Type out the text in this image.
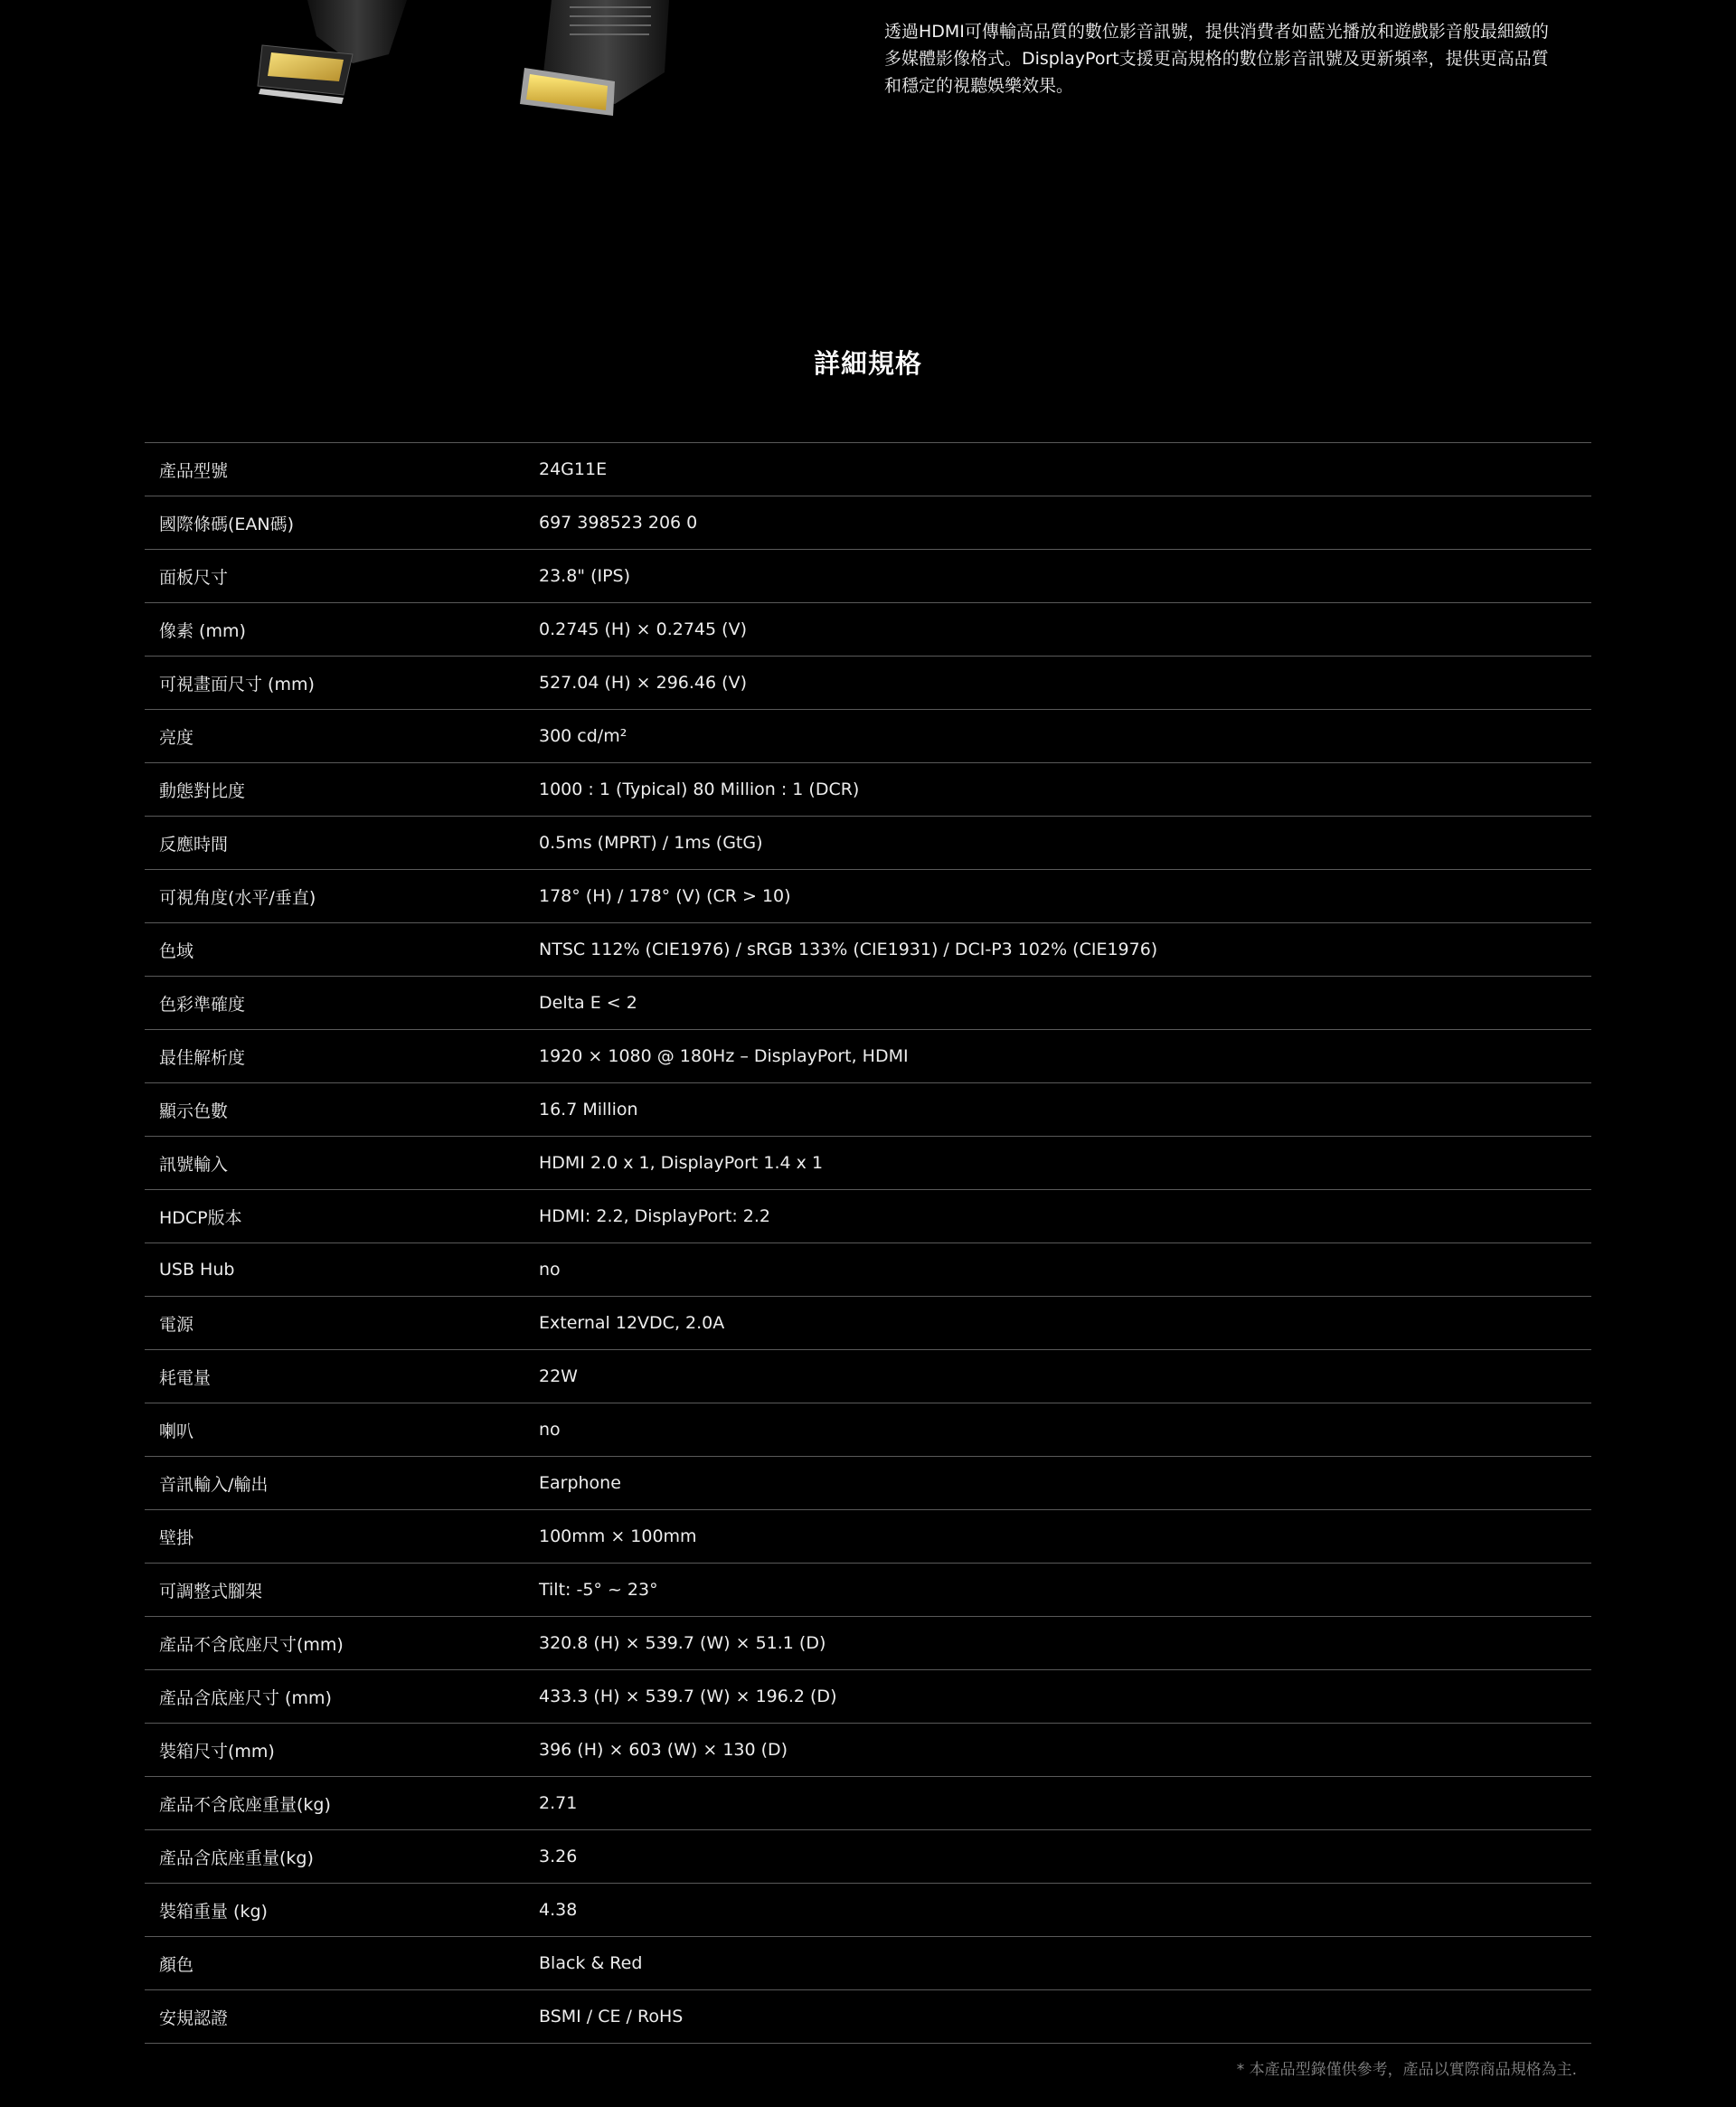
透過HDMI可傳輸高品質的數位影音訊號，提供消費者如藍光播放和遊戲影音般最細緻的多媒體影像格式。DisplayPort支援更高規格的數位影音訊號及更新頻率，提供更高品質和穩定的視聽娛樂效果。

詳細規格
產品型號	24G11E
國際條碼(EAN碼)	697 398523 206 0
面板尺寸	23.8" (IPS)
像素 (mm)	0.2745 (H) × 0.2745 (V)
可視畫面尺寸 (mm)	527.04 (H) × 296.46 (V)
亮度	300 cd/m²
動態對比度	1000 : 1 (Typical) 80 Million : 1 (DCR)
反應時間	0.5ms (MPRT) / 1ms (GtG)
可視角度(水平/垂直)	178° (H) / 178° (V) (CR > 10)
色域	NTSC 112% (CIE1976) / sRGB 133% (CIE1931) / DCI-P3 102% (CIE1976)
色彩準確度	Delta E < 2
最佳解析度	1920 × 1080 @ 180Hz – DisplayPort, HDMI
顯示色數	16.7 Million
訊號輸入	HDMI 2.0 x 1, DisplayPort 1.4 x 1
HDCP版本	HDMI: 2.2, DisplayPort: 2.2
USB Hub	no
電源	External 12VDC, 2.0A
耗電量	22W
喇叭	no
音訊輸入/輸出	Earphone
壁掛	100mm × 100mm
可調整式腳架	Tilt: -5° ~ 23°
產品不含底座尺寸(mm)	320.8 (H) × 539.7 (W) × 51.1 (D)
產品含底座尺寸 (mm)	433.3 (H) × 539.7 (W) × 196.2 (D)
裝箱尺寸(mm)	396 (H) × 603 (W) × 130 (D)
產品不含底座重量(kg)	2.71
產品含底座重量(kg)	3.26
裝箱重量 (kg)	4.38
顏色	Black & Red
安規認證	BSMI / CE / RoHS

* 本產品型錄僅供參考，產品以實際商品規格為主.
